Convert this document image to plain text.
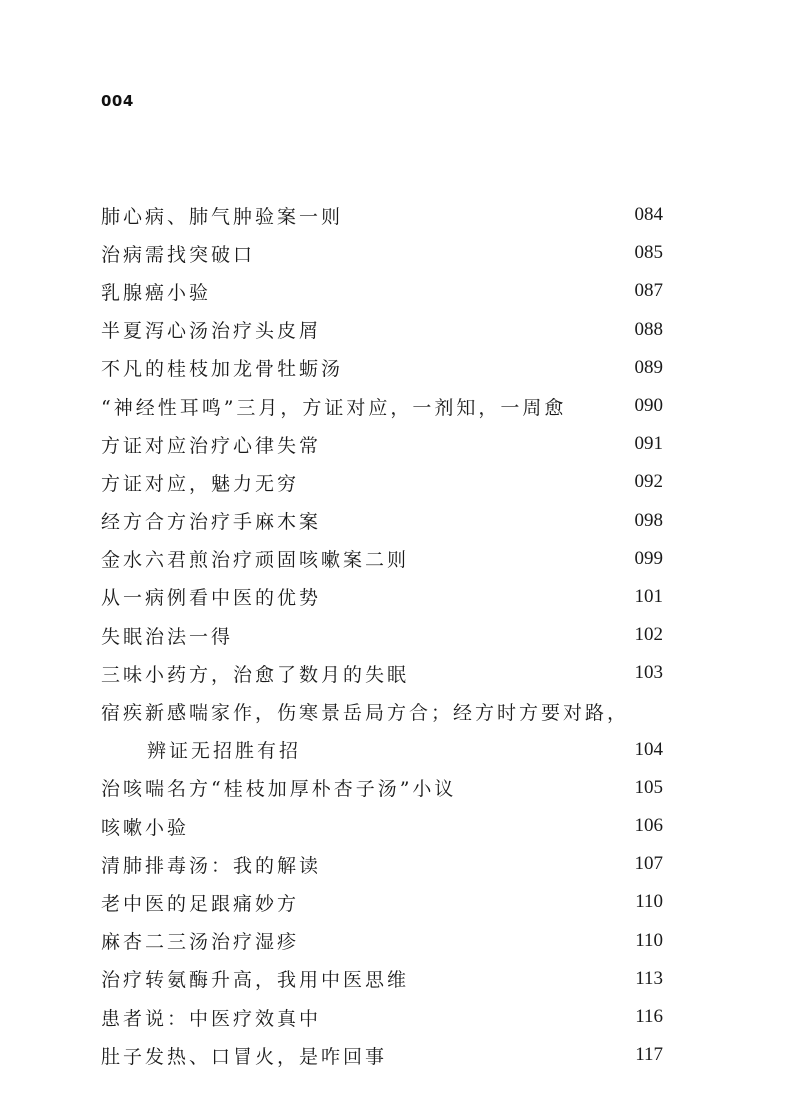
004
肺心病、肺气肿验案一则	084
治病需找突破口	085
乳腺癌小验	087
半夏泻心汤治疗头皮屑	088
不凡的桂枝加龙骨牡蛎汤	089
“神经性耳鸣”三月，方证对应，一剂知，一周愈	090
方证对应治疗心律失常	091
方证对应，魅力无穷	092
经方合方治疗手麻木案	098
金水六君煎治疗顽固咳嗽案二则	099
从一病例看中医的优势	101
失眠治法一得	102
三味小药方，治愈了数月的失眠	103
宿疾新感喘家作，伤寒景岳局方合；经方时方要对路，
辨证无招胜有招	104
治咳喘名方“桂枝加厚朴杏子汤”小议	105
咳嗽小验	106
清肺排毒汤：我的解读	107
老中医的足跟痛妙方	110
麻杏二三汤治疗湿疹	110
治疗转氨酶升高，我用中医思维	113
患者说：中医疗效真中	116
肚子发热、口冒火，是咋回事	117
